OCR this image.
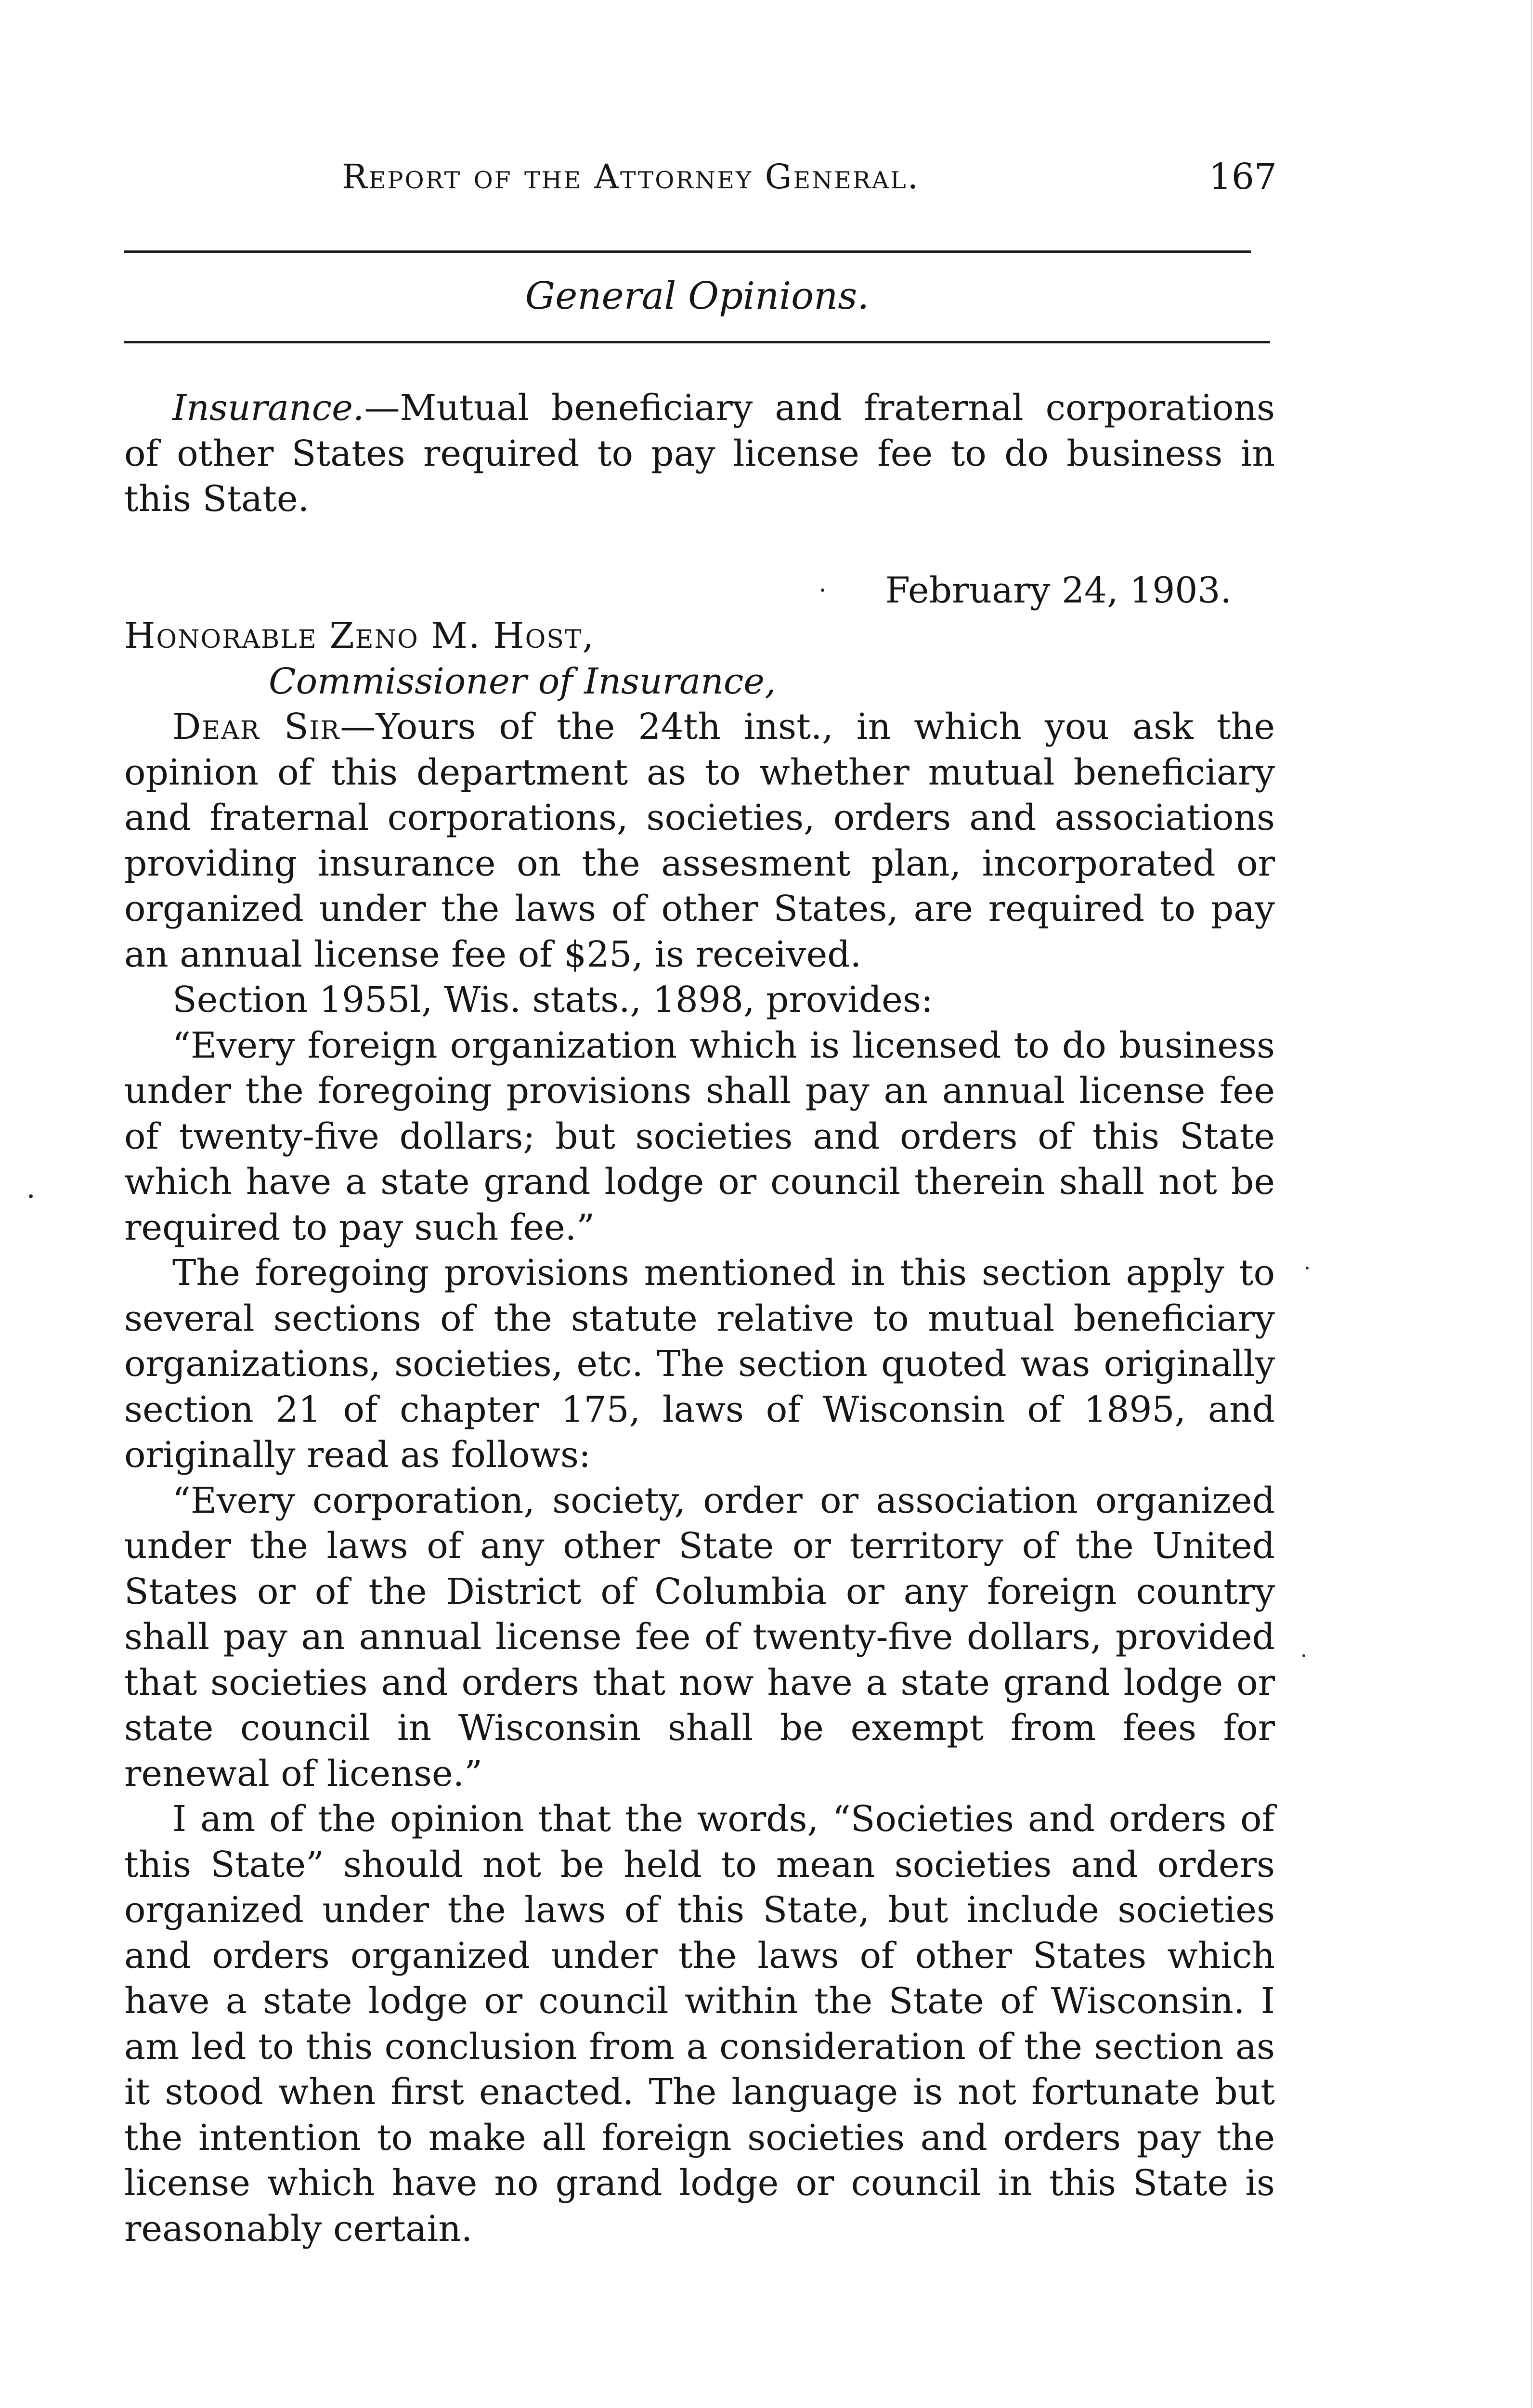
Report of the Attorney General.	167
General Opinions.

Insurance.—Mutual beneficiary and fraternal corporations of other States required to pay license fee to do business in this State.

February 24, 1903.

Honorable Zeno M. Host,

Commissioner of Insurance,

Dear Sir—Yours of the 24th inst., in which you ask the opinion of this department as to whether mutual beneficiary and fraternal corporations, societies, orders and associations providing insurance on the assesment plan, incorporated or organized under the laws of other States, are required to pay an annual license fee of $25, is received.

Section 1955l, Wis. stats., 1898, provides:

“Every foreign organization which is licensed to do business under the foregoing provisions shall pay an annual license fee of twenty-five dollars; but societies and orders of this State which have a state grand lodge or council therein shall not be required to pay such fee.”

The foregoing provisions mentioned in this section apply to several sections of the statute relative to mutual beneficiary organizations, societies, etc. The section quoted was originally section 21 of chapter 175, laws of Wisconsin of 1895, and originally read as follows:

“Every corporation, society, order or association organized under the laws of any other State or territory of the United States or of the District of Columbia or any foreign country shall pay an annual license fee of twenty-five dollars, provided that societies and orders that now have a state grand lodge or state council in Wisconsin shall be exempt from fees for renewal of license.”

I am of the opinion that the words, “Societies and orders of this State” should not be held to mean societies and orders organized under the laws of this State, but include societies and orders organized under the laws of other States which have a state lodge or council within the State of Wisconsin. I am led to this conclusion from a consideration of the section as it stood when first enacted. The language is not fortunate but the intention to make all foreign societies and orders pay the license which have no grand lodge or council in this State is reasonably certain.
